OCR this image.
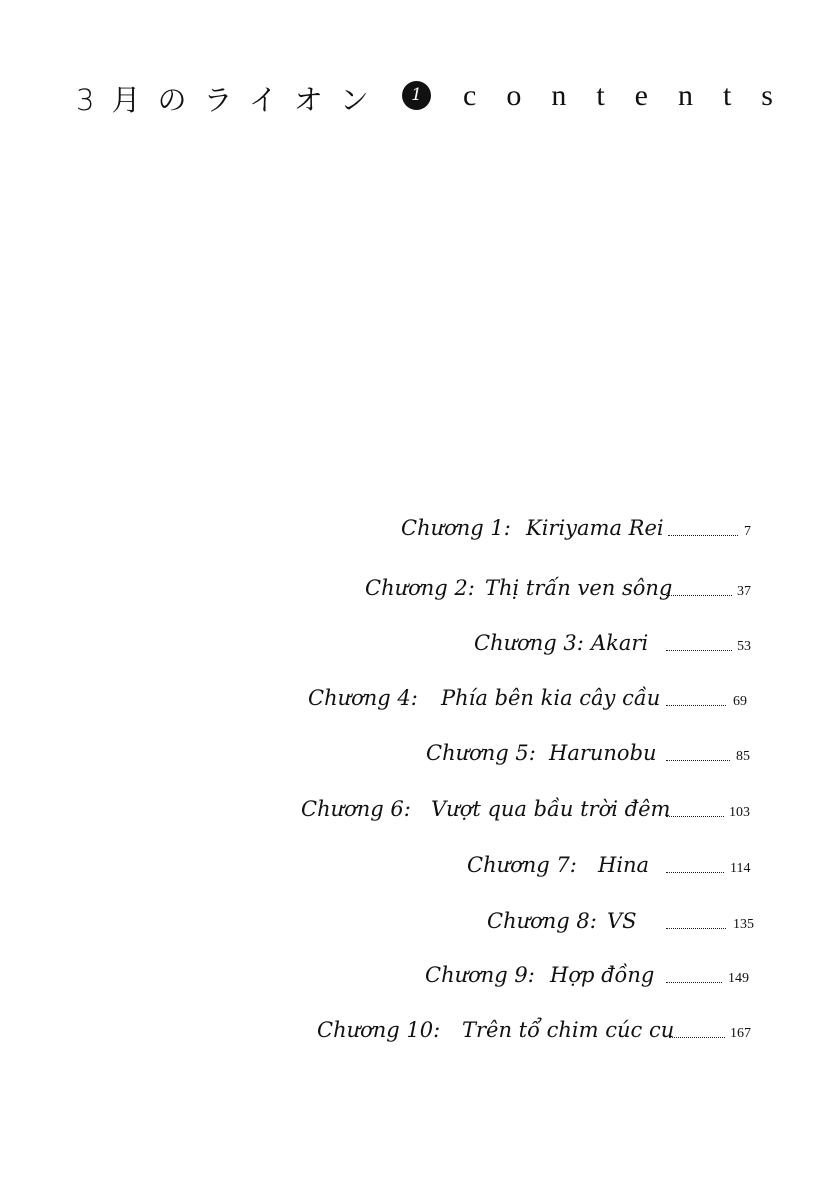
3月のライオン	1	contents
Chương 1: Kiriyama Rei	7
Chương 2: Thị trấn ven sông	37
Chương 3: Akari	53
Chương 4: Phía bên kia cây cầu	69
Chương 5: Harunobu	85
Chương 6: Vượt qua bầu trời đêm	103
Chương 7: Hina	114
Chương 8: VS	135
Chương 9: Hợp đồng	149
Chương 10: Trên tổ chim cúc cu	167
